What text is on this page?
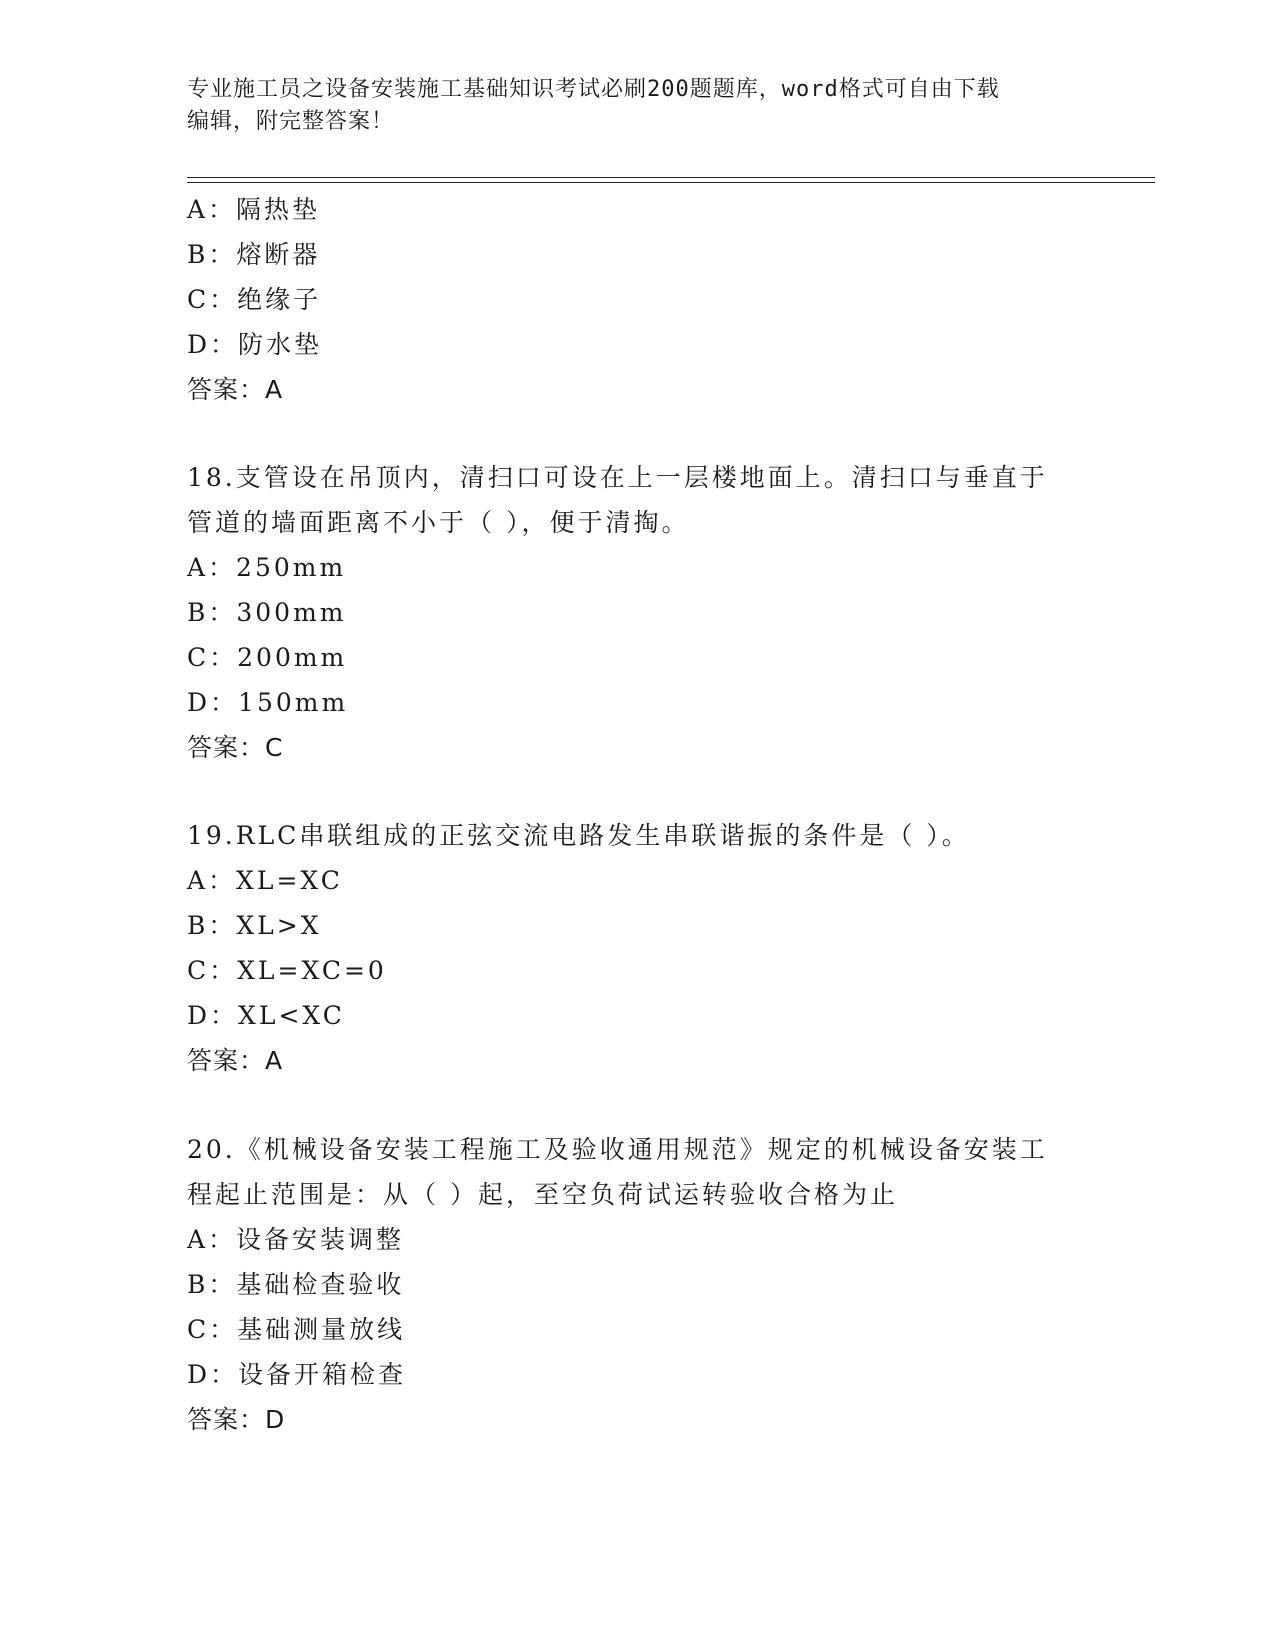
专业施工员之设备安装施工基础知识考试必刷200题题库，word格式可自由下载
编辑，附完整答案！
A：隔热垫
B：熔断器
C：绝缘子
D：防水垫
答案：A
18.支管设在吊顶内，清扫口可设在上一层楼地面上。清扫口与垂直于
管道的墙面距离不小于（ ），便于清掏。
A：250mm
B：300mm
C：200mm
D：150mm
答案：C
19.RLC串联组成的正弦交流电路发生串联谐振的条件是（ ）。
A：XL=XC
B：XL>X
C：XL=XC=0
D：XL<XC
答案：A
20.《机械设备安装工程施工及验收通用规范》规定的机械设备安装工
程起止范围是：从（ ）起，至空负荷试运转验收合格为止
A：设备安装调整
B：基础检查验收
C：基础测量放线
D：设备开箱检查
答案：D
